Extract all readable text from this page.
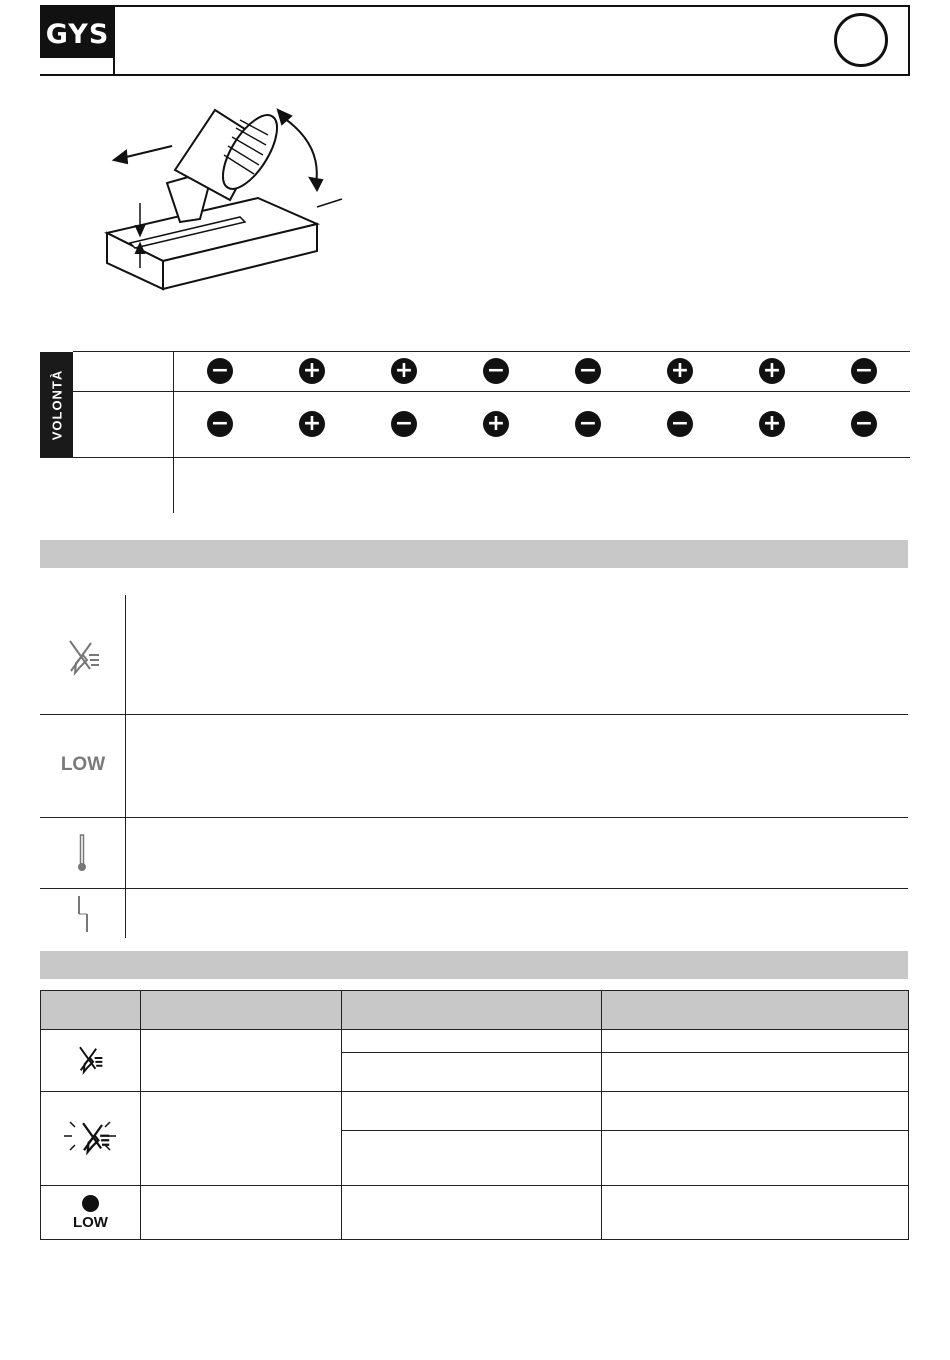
GYS
VOLONTÀ	−	+	+	−	−	+	+	−
−	+	−	+	−	−	+	−
LOW

LOW			
